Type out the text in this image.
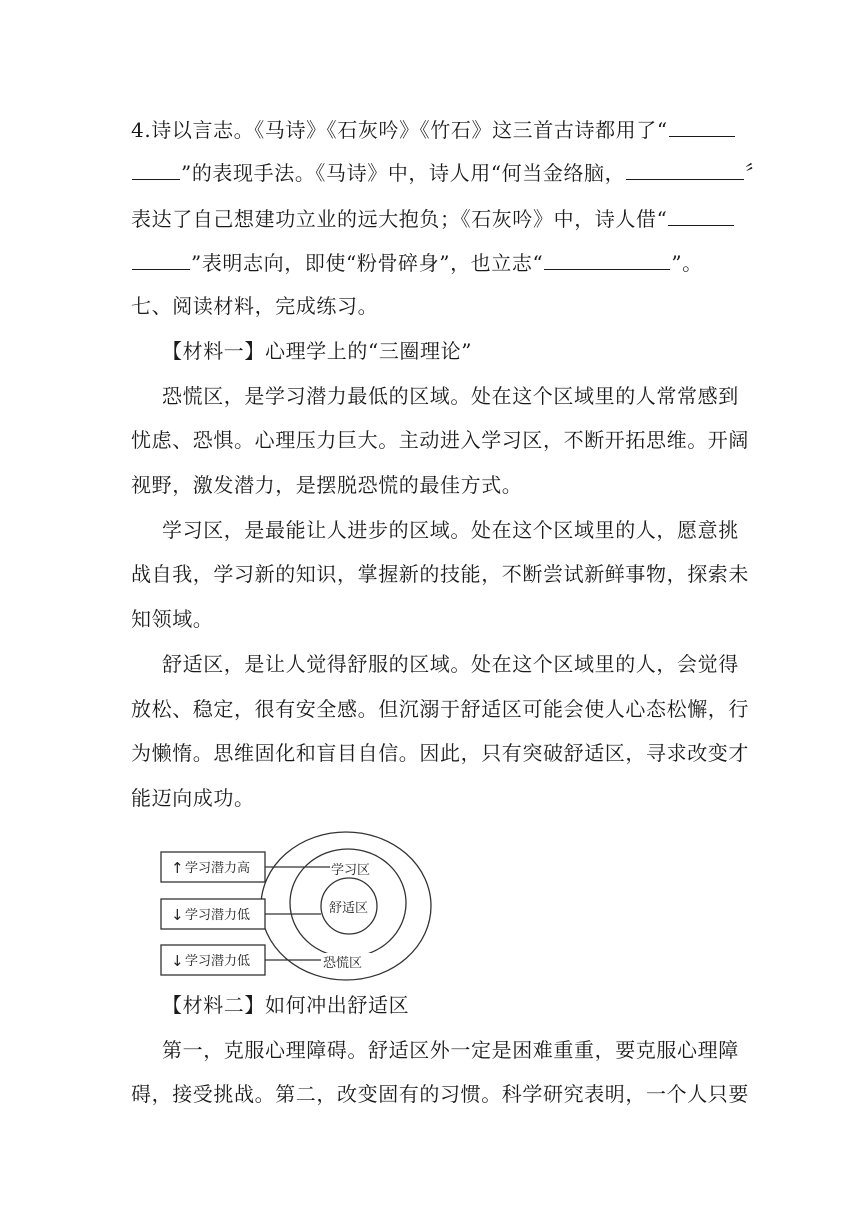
4.诗以言志。《马诗》《石灰吟》《竹石》这三首古诗都用了“
”的表现手法。《马诗》中，诗人用“何当金络脑，	〞
表达了自己想建功立业的远大抱负；《石灰吟》中，诗人借“
”表明志向，即使“粉骨碎身”，也立志“	”。
七、阅读材料，完成练习。
【材料一】心理学上的“三圈理论”
恐慌区，是学习潜力最低的区域。处在这个区域里的人常常感到
忧虑、恐惧。心理压力巨大。主动进入学习区，不断开拓思维。开阔
视野，激发潜力，是摆脱恐慌的最佳方式。
学习区，是最能让人进步的区域。处在这个区域里的人，愿意挑
战自我，学习新的知识，掌握新的技能，不断尝试新鲜事物，探索未
知领域。
舒适区，是让人觉得舒服的区域。处在这个区域里的人，会觉得
放松、稳定，很有安全感。但沉溺于舒适区可能会使人心态松懈，行
为懒惰。思维固化和盲目自信。因此，只有突破舒适区，寻求改变才
能迈向成功。
↑ 学习潜力高
↓ 学习潜力低
↓ 学习潜力低
学习区
舒适区
恐慌区
【材料二】如何冲出舒适区
第一，克服心理障碍。舒适区外一定是困难重重，要克服心理障
碍，接受挑战。第二，改变固有的习惯。科学研究表明，一个人只要
